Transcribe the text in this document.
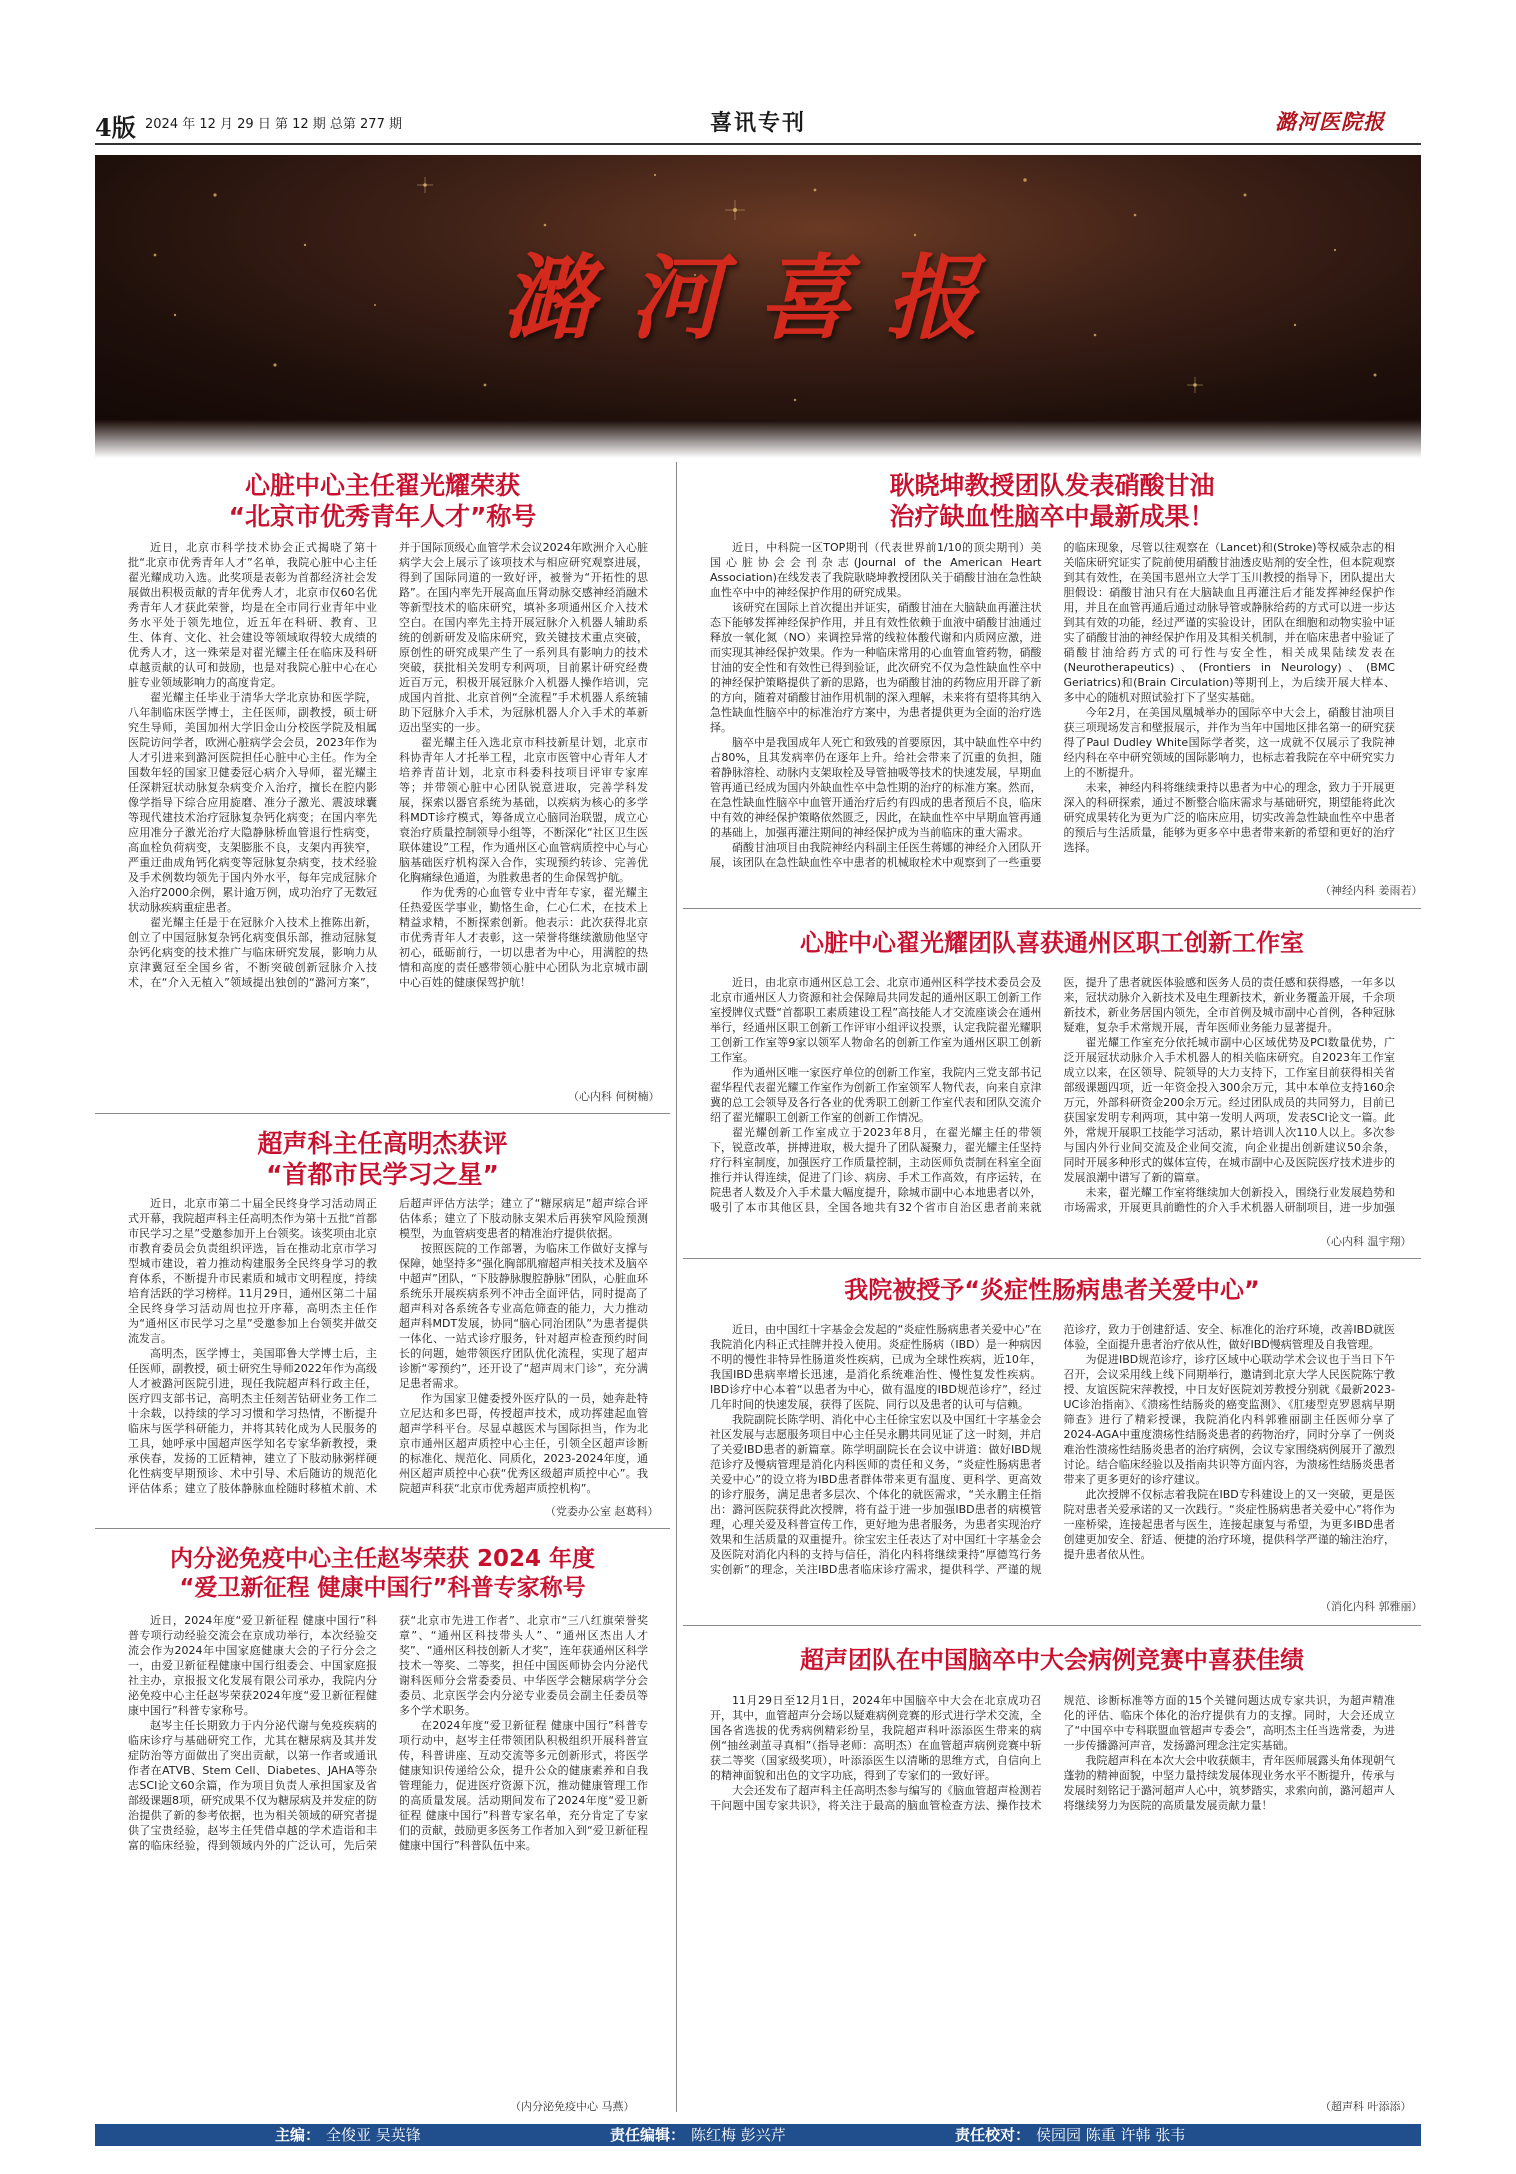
4版 2024 年 12 月 29 日 第 12 期 总第 277 期	喜讯专刊	潞河医院报
潞河喜报
心脏中心主任翟光耀荣获
“北京市优秀青年人才”称号

近日，北京市科学技术协会正式揭晓了第十批“北京市优秀青年人才”名单，我院心脏中心主任翟光耀成功入选。此奖项是表彰为首都经济社会发展做出积极贡献的青年优秀人才，北京市仅60名优秀青年人才获此荣誉，均是在全市同行业青年中业务水平处于领先地位，近五年在科研、教育、卫生、体育、文化、社会建设等领域取得较大成绩的优秀人才，这一殊荣是对翟光耀主任在临床及科研卓越贡献的认可和鼓励，也是对我院心脏中心在心脏专业领域影响力的高度肯定。

翟光耀主任毕业于清华大学北京协和医学院，八年制临床医学博士，主任医师，副教授，硕士研究生导师，美国加州大学旧金山分校医学院及相属医院访问学者，欧洲心脏病学会会员，2023年作为人才引进来到潞河医院担任心脏中心主任。作为全国数年轻的国家卫健委冠心病介入导师，翟光耀主任深耕冠状动脉复杂病变介入治疗，擅长在腔内影像学指导下综合应用旋磨、准分子激光、震波球囊等现代建技术治疗冠脉复杂钙化病变；在国内率先应用准分子激光治疗大隐静脉桥血管退行性病变，高血栓负荷病变，支架膨胀不良，支架内再狭窄，严重迂曲成角钙化病变等冠脉复杂病变，技术经验及手术例数均领先于国内外水平，每年完成冠脉介入治疗2000余例，累计逾万例，成功治疗了无数冠状动脉疾病重症患者。

翟光耀主任是于在冠脉介入技术上推陈出新，创立了中国冠脉复杂钙化病变俱乐部，推动冠脉复杂钙化病变的技术推广与临床研究发展，影响力从京津冀冠至全国乡省，不断突破创新冠脉介入技术，在“介入无植入”领域提出独创的“潞河方案”，并于国际顶级心血管学术会议2024年欧洲介入心脏病学大会上展示了该项技术与相应研究观察进展，得到了国际同道的一致好评，被誉为“开拓性的思路”。在国内率先开展高血压肾动脉交感神经消融术等新型技术的临床研究，填补多项通州区介入技术空白。在国内率先主持开展冠脉介入机器人辅助系统的创新研发及临床研究，致关键技术重点突破，原创性的研究成果产生了一系列具有影响力的技术突破，获批相关发明专利两项，目前累计研究经费近百万元，积极开展冠脉介入机器人操作培训，完成国内首批、北京首例“全流程”手术机器人系统辅助下冠脉介入手术，为冠脉机器人介入手术的革新迈出坚实的一步。

翟光耀主任入选北京市科技新星计划，北京市科协青年人才托举工程，北京市医管中心青年人才培养青苗计划，北京市科委科技项目评审专家库等；并带领心脏中心团队锐意进取，完善学科发展，探索以器官系统为基础，以疾病为核心的多学科MDT诊疗模式，筹备成立心脑同治联盟，成立心衰治疗质量控制领导小组等，不断深化“社区卫生医联体建设”工程，作为通州区心血管病质控中心与心脑基础医疗机构深入合作，实现预约转诊、完善优化胸痛绿色通道，为胜救患者的生命保驾护航。

作为优秀的心血管专业中青年专家，翟光耀主任热爱医学事业，勤恪生命，仁心仁术，在技术上精益求精，不断探索创新。他表示：此次获得北京市优秀青年人才表彰，这一荣誉将继续激励他坚守初心，砥砺前行，一切以患者为中心，用满腔的热情和高度的责任感带领心脏中心团队为北京城市副中心百姓的健康保驾护航！

（心内科 何树楠）
耿晓坤教授团队发表硝酸甘油
治疗缺血性脑卒中最新成果！

近日，中科院一区TOP期刊（代表世界前1/10的顶尖期刊）美国心脏协会会刊杂志(Journal of the American Heart Association)在线发表了我院耿晓坤教授团队关于硝酸甘油在急性缺血性卒中中的神经保护作用的研究成果。

该研究在国际上首次提出并证实，硝酸甘油在大脑缺血再灌注状态下能够发挥神经保护作用，并且有效性依赖于血液中硝酸甘油通过释放一氧化氮（NO）来调控异常的线粒体酸代谢和内质网应激，进而实现其神经保护效果。作为一种临床常用的心血管血管药物，硝酸甘油的安全性和有效性已得到验证，此次研究不仅为急性缺血性卒中的神经保护策略提供了新的思路，也为硝酸甘油的药物应用开辟了新的方向，随着对硝酸甘油作用机制的深入理解，未来将有望将其纳入急性缺血性脑卒中的标准治疗方案中，为患者提供更为全面的治疗选择。

脑卒中是我国成年人死亡和致残的首要原因，其中缺血性卒中约占80%，且其发病率仍在逐年上升。给社会带来了沉重的负担，随着静脉溶栓、动脉内支架取栓及导管抽吸等技术的快速发展，早期血管再通已经成为国内外缺血性卒中急性期的治疗的标准方案。然而，在急性缺血性脑卒中血管开通治疗后约有四成的患者预后不良，临床中有效的神经保护策略依然匮乏，因此，在缺血性卒中早期血管再通的基础上，加强再灌注期间的神经保护成为当前临床的重大需求。

硝酸甘油项目由我院神经内科副主任医生蒋娜的神经介入团队开展，该团队在急性缺血性卒中患者的机械取栓术中观察到了一些重要的临床现象，尽管以往观察在（Lancet)和(Stroke)等权威杂志的相关临床研究证实了院前使用硝酸甘油透皮贴剂的安全性，但本院观察到其有效性，在美国韦恩州立大学丁玉川教授的指导下，团队提出大胆假设：硝酸甘油只有在大脑缺血且再灌注后才能发挥神经保护作用，并且在血管再通后通过动脉导管或静脉给药的方式可以进一步达到其有效的功能，经过严谨的实验设计，团队在细胞和动物实验中证实了硝酸甘油的神经保护作用及其相关机制，并在临床患者中验证了硝酸甘油给药方式的可行性与安全性，相关成果陆续发表在(Neurotherapeutics)、(Frontiers in Neurology)、(BMC Geriatrics)和(Brain Circulation)等期刊上，为后续开展大样本、多中心的随机对照试验打下了坚实基础。

今年2月，在美国凤凰城举办的国际卒中大会上，硝酸甘油项目获三项现场发言和壁报展示，并作为当年中国地区排名第一的研究获得了Paul Dudley White国际学者奖，这一成就不仅展示了我院神经内科在卒中研究领域的国际影响力，也标志着我院在卒中研究实力上的不断提升。

未来，神经内科将继续秉持以患者为中心的理念，致力于开展更深入的科研探索，通过不断整合临床需求与基础研究，期望能将此次研究成果转化为更为广泛的临床应用，切实改善急性缺血性卒中患者的预后与生活质量，能够为更多卒中患者带来新的希望和更好的治疗选择。

（神经内科 姜雨若）
超声科主任高明杰获评
“首都市民学习之星”

近日，北京市第二十届全民终身学习活动周正式开幕，我院超声科主任高明杰作为第十五批“首都市民学习之星”受邀参加开上台领奖。该奖项由北京市教育委员会负责组织评选，旨在推动北京市学习型城市建设，着力推动构建服务全民终身学习的教育体系，不断提升市民素质和城市文明程度，持续培育活跃的学习榜样。11月29日，通州区第二十届全民终身学习活动周也拉开序幕，高明杰主任作为“通州区市民学习之星”受邀参加上台领奖并做交流发言。

高明杰，医学博士，美国耶鲁大学博士后，主任医师，副教授，硕士研究生导师2022年作为高级人才被潞河医院引进，现任我院超声科行政主任，医疗四支部书记，高明杰主任刻苦钻研业务工作二十余载，以持续的学习习惯和学习热情，不断提升临床与医学科研能力，并将其转化成为人民服务的工具，她呼承中国超声医学知名专家华新教授，秉承侠春，发扬的工匠精神，建立了下肢动脉粥样硬化性病变早期预诊、术中引导、术后随访的规范化评估体系；建立了肢体静脉血栓随时移植术前、术后超声评估方法学；建立了“糖尿病足”超声综合评估体系；建立了下肢动脉支架术后再狭窄风险预测模型，为血管病变患者的精准治疗提供依据。

按照医院的工作部署，为临床工作做好支撑与保障，她坚持多“强化胸部肌瘤超声相关技术及脑卒中超声”团队，“下肢静脉腹腔静脉”团队，心脏血环系统乐开展疾病系列不冲击全面评估，同时提高了超声科对各系统各专业高危筛查的能力，大力推动超声科MDT发展，协同“脑心同治团队”为患者提供一体化、一站式诊疗服务，针对超声检查预约时间长的问题，她带领医疗团队优化流程，实现了超声诊断“零预约”，还开设了“超声周末门诊”，充分满足患者需求。

作为国家卫健委授外医疗队的一员，她奔赴特立尼达和多巴哥，传授超声技术，成功挥建起血管超声学科平台。尽显卓越医术与国际担当，作为北京市通州区超声质控中心主任，引领全区超声诊断的标准化、规范化、同质化，2023-2024年度，通州区超声质控中心获“优秀区级超声质控中心”。我院超声科获“北京市优秀超声质控机构”。

（党委办公室 赵葛科）
心脏中心翟光耀团队喜获通州区职工创新工作室

近日，由北京市通州区总工会、北京市通州区科学技术委员会及北京市通州区人力资源和社会保障局共同发起的通州区职工创新工作室授牌仪式暨“首都职工素质建设工程”高技能人才交流座谈会在通州举行，经通州区职工创新工作评审小组评议投票，认定我院翟光耀职工创新工作室等9家以领军人物命名的创新工作室为通州区职工创新工作室。

作为通州区唯一家医疗单位的创新工作室，我院内三党支部书记翟华程代表翟光耀工作室作为创新工作室领军人物代表，向来自京津冀的总工会领导及各行各业的优秀职工创新工作室代表和团队交流介绍了翟光耀职工创新工作室的创新工作情况。

翟光耀创新工作室成立于2023年8月，在翟光耀主任的带领下，锐意改革，拼搏进取，极大提升了团队凝聚力，翟光耀主任坚持疗行科室制度，加强医疗工作质量控制，主动医师负责制在科室全面推行并认得连续，促进了门诊、病房、手术工作高效，有序运转，在院患者人数及介入手术量大幅度提升，除城市副中心本地患者以外，吸引了本市其他区县，全国各地共有32个省市自治区患者前来就医，提升了患者就医体验感和医务人员的责任感和获得感，一年多以来，冠状动脉介入新技术及电生理新技术，新业务覆盖开展，千余项新技术，新业务居国内领先，全市首例及城市副中心首例，各种冠脉疑难，复杂手术常规开展，青年医师业务能力显著提升。

翟光耀工作室充分依托城市副中心区域优势及PCI数量优势，广泛开展冠状动脉介入手术机器人的相关临床研究。自2023年工作室成立以来，在区领导、院领导的大力支持下，工作室目前获得相关省部级课题四项，近一年资金投入300余万元，其中本单位支持160余万元，外部科研资金200余万元。经过团队成员的共同努力，目前已获国家发明专利两项，其中第一发明人两项，发表SCI论文一篇。此外，常规开展职工技能学习活动，累计培训人次110人以上。多次参与国内外行业间交流及企业间交流，向企业提出创新建议50余条，同时开展多种形式的媒体宣传，在城市副中心及医院医疗技术进步的发展浪潮中谱写了新的篇章。

未来，翟光耀工作室将继续加大创新投入，围绕行业发展趋势和市场需求，开展更具前瞻性的介入手术机器人研制项目，进一步加强

（心内科 温宇翔）
我院被授予“炎症性肠病患者关爱中心”

近日，由中国红十字基金会发起的“炎症性肠病患者关爱中心”在我院消化内科正式挂牌并投入使用。炎症性肠病（IBD）是一种病因不明的慢性非特异性肠道炎性疾病，已成为全球性疾病，近10年，我国IBD患病率增长迅速，是消化系统难治性、慢性复发性疾病。IBD诊疗中心本着“以患者为中心，做有温度的IBD规范诊疗”，经过几年时间的快速发展，获得了医院、同行以及患者的认可与信赖。

我院副院长陈学明、消化中心主任徐宝宏以及中国红十字基金会社区发展与志愿服务项目中心主任吴永鹏共同见证了这一时刻，并启了关爱IBD患者的新篇章。陈学明副院长在会议中讲道：做好IBD规范诊疗及慢病管理是消化内科医师的责任和义务，“炎症性肠病患者关爱中心”的设立将为IBD患者群体带来更有温度、更科学、更高效的诊疗服务，满足患者多层次、个体化的就医需求，“关永鹏主任指出：潞河医院获得此次授牌，将有益于进一步加强IBD患者的病模管理，心理关爱及科普宣传工作，更好地为患者服务，为患者实现治疗效果和生活质量的双重提升。徐宝宏主任表达了对中国红十字基金会及医院对消化内科的支持与信任，消化内科将继续秉持“厚德笃行务实创新”的理念，关注IBD患者临床诊疗需求，提供科学、严谨的规范诊疗，致力于创建舒适、安全、标准化的治疗环境，改善IBD就医体验，全面提升患者治疗依从性，做好IBD慢病管理及自我管理。

为促进IBD规范诊疗，诊疗区域中心联动学术会议也于当日下午召开，会议采用线上线下同期举行，邀请到北京大学人民医院陈宁教授、友谊医院宋萍教授，中日友好医院刘芳教授分别就《最新2023-UC诊治指南》、《溃疡性结肠炎的癌变监测》、《肛瘘型克罗恩病早期筛查》进行了精彩授课，我院消化内科郭雅丽副主任医师分享了2024-AGA中重度溃疡性结肠炎患者的药物治疗，同时分享了一例炎难治性溃疡性结肠炎患者的治疗病例，会议专家围绕病例展开了激烈讨论。结合临床经验以及指南共识等方面内容，为溃疡性结肠炎患者带来了更多更好的诊疗建议。

此次授牌不仅标志着我院在IBD专科建设上的又一突破，更是医院对患者关爱承诺的又一次践行。“炎症性肠病患者关爱中心”将作为一座桥梁，连接起患者与医生，连接起康复与希望，为更多IBD患者创建更加安全、舒适、便捷的治疗环境，提供科学严谨的输注治疗，提升患者依从性。

（消化内科 郭雅丽）
内分泌免疫中心主任赵岑荣获 2024 年度
“爱卫新征程 健康中国行”科普专家称号

近日，2024年度“爱卫新征程 健康中国行”科普专项行动经验交流会在京成功举行，本次经验交流会作为2024年中国家庭健康大会的子行分会之一，由爱卫新征程健康中国行组委会、中国家庭报社主办，京报报文化发展有限公司承办，我院内分泌免疫中心主任赵岑荣获2024年度“爱卫新征程健康中国行”科普专家称号。

赵岑主任长期致力于内分泌代谢与免疫疾病的临床诊疗与基础研究工作，尤其在糖尿病及其并发症防治等方面做出了突出贡献，以第一作者或通讯作者在ATVB、Stem Cell、Diabetes、JAHA等杂志SCI论文60余篇，作为项目负责人承担国家及省部级课题8项，研究成果不仅为糖尿病及并发症的防治提供了新的参考依据，也为相关领域的研究者提供了宝贵经验，赵岑主任凭借卓越的学术造诣和丰富的临床经验，得到领域内外的广泛认可，先后荣获“北京市先进工作者”、北京市“三八红旗荣誉奖章”、“通州区科技带头人”、“通州区杰出人才奖”、“通州区科技创新人才奖”，连年获通州区科学技术一等奖、二等奖，担任中国医师协会内分泌代谢科医师分会常委委员、中华医学会糖尿病学分会委员、北京医学会内分泌专业委员会副主任委员等多个学术职务。

在2024年度“爱卫新征程 健康中国行”科普专项行动中，赵岑主任带领团队积极组织开展科普宣传，科普讲座、互动交流等多元创新形式，将医学健康知识传递给公众，提升公众的健康素养和自我管理能力，促进医疗资源下沉，推动健康管理工作的高质量发展。活动期间发布了2024年度“爱卫新征程 健康中国行”科普专家名单，充分肯定了专家们的贡献，鼓励更多医务工作者加入到“爱卫新征程 健康中国行”科普队伍中来。

（内分泌免疫中心 马燕）
超声团队在中国脑卒中大会病例竞赛中喜获佳绩

11月29日至12月1日，2024年中国脑卒中大会在北京成功召开，其中，血管超声分会场以疑难病例竞赛的形式进行学术交流，全国各省选拔的优秀病例精彩纷呈，我院超声科叶添添医生带来的病例“抽丝剥茧寻真相”（指导老师：高明杰）在血管超声病例竞赛中斩获二等奖（国家级奖项），叶添添医生以清晰的思维方式，自信向上的精神面貌和出色的文字功底，得到了专家们的一致好评。

大会还发布了超声科主任高明杰参与编写的《脑血管超声检测若干问题中国专家共识》，将关注于最高的脑血管检查方法、操作技术规范、诊断标准等方面的15个关键问题达成专家共识，为超声精准化的评估、临床个体化的治疗提供有力的支撑。同时，大会还成立了“中国卒中专科联盟血管超声专委会”，高明杰主任当选常委，为进一步传播潞河声音，发扬潞河理念注定实基础。

我院超声科在本次大会中收获颇丰，青年医师展露头角体现朝气蓬勃的精神面貌，中坚力量持续发展体现业务水平不断提升，传承与发展时刻铭记于潞河超声人心中，筑梦踏实，求索向前，潞河超声人将继续努力为医院的高质量发展贡献力量！

（超声科 叶添添）
主编： 全俊亚 吴英锋	责任编辑： 陈红梅 彭兴芹	责任校对： 侯园园 陈重 许韩 张韦
